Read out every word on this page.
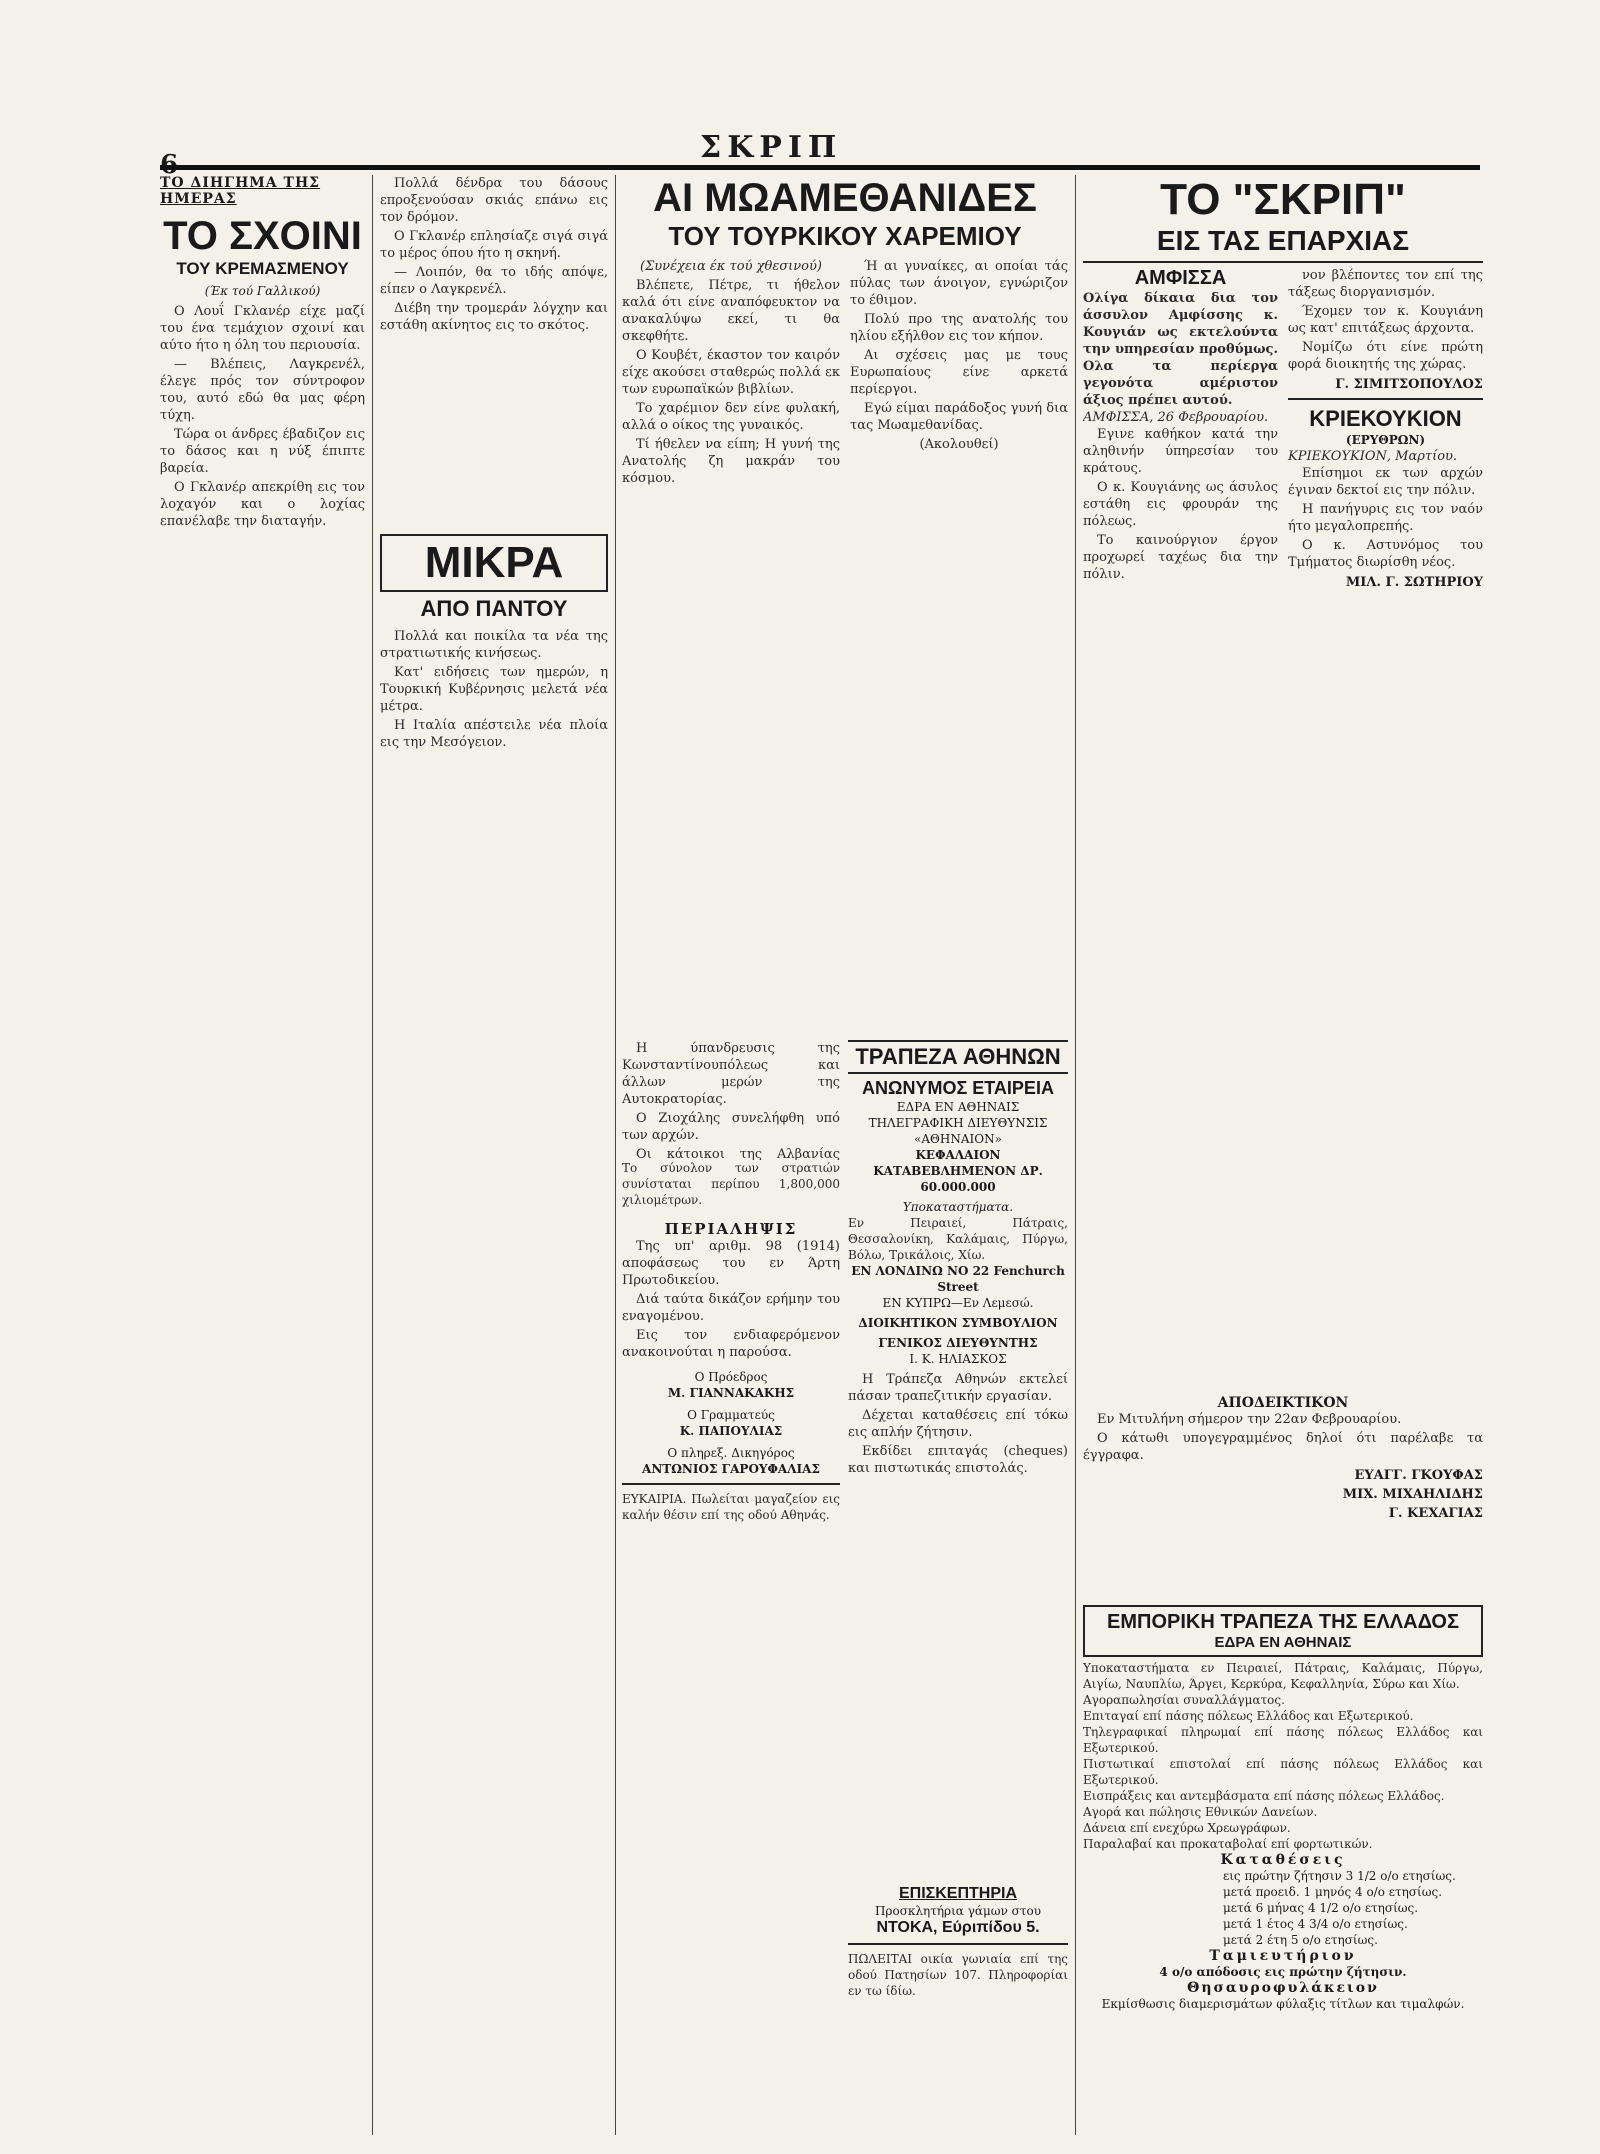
ΣΚΡΙΠ
ΤΟ ΔΙΗΓΗΜΑ ΤΗΣ ΗΜΕΡΑΣ
ΤΟ ΣΧΟΙΝΙ
ΤΟΥ ΚΡΕΜΑΣΜΕΝΟΥ
(Έκ τού Γαλλικού)

Ο Λουΐ Γκλανέρ είχε μαζί του ένα τεμάχιον σχοινί και αύτο ήτο η όλη του περιουσία.

— Βλέπεις, Λαγκρενέλ, έλεγε πρός τον σύντροφον του, αυτό εδώ θα μας φέρη τύχη.

Τώρα οι άνδρες έβαδιζον εις το δάσος και η νύξ έπιπτε βαρεία.

Ο Γκλανέρ απεκρίθη εις τον λοχαγόν και ο λοχίας επανέλαβε την διαταγήν.

Πολλά δένδρα του δάσους επροξενούσαν σκιάς επάνω εις τον δρόμον.

Ο Γκλανέρ επλησίαζε σιγά σιγά το μέρος όπου ήτο η σκηνή.

— Λοιπόν, θα το ιδής απόψε, είπεν ο Λαγκρενέλ.

Διέβη την τρομεράν λόγχην και εστάθη ακίνητος εις το σκότος.

ΜΙΚΡΑ
ΑΠΟ ΠΑΝΤΟΥ

Πολλά και ποικίλα τα νέα της στρατιωτικής κινήσεως.

Κατ' ειδήσεις των ημερών, η Τουρκική Κυβέρνησις μελετά νέα μέτρα.

Η Ιταλία απέστειλε νέα πλοία εις την Μεσόγειον.

ΑΙ ΜΩΑΜΕΘΑΝΙΔΕΣ
ΤΟΥ ΤΟΥΡΚΙΚΟΥ ΧΑΡΕΜΙΟΥ

(Συνέχεια έκ τού χθεσινού)

Βλέπετε, Πέτρε, τι ήθελον καλά ότι είνε αναπόφευκτον να ανακαλύψω εκεί, τι θα σκεφθήτε.

Ο Κουβέτ, έκαστον τον καιρόν είχε ακούσει σταθερώς πολλά εκ των ευρωπαϊκών βιβλίων.

Το χαρέμιον δεν είνε φυλακή, αλλά ο οίκος της γυναικός.

Τί ήθελεν να είπη; Η γυνή της Ανατολής ζη μακράν του κόσμου.

Ή αι γυναίκες, αι οποίαι τάς πύλας των άνοιγον, εγνώριζον το έθιμον.

Πολύ προ της ανατολής του ηλίου εξήλθον εις τον κήπον.

Αι σχέσεις μας με τους Ευρωπαίους είνε αρκετά περίεργοι.

Εγώ είμαι παράδοξος γυνή δια τας Μωαμεθανίδας.

(Ακολουθεί)

Η ύπανδρευσις της Κωνσταντίνουπόλεως και άλλων μερών της Αυτοκρατορίας.

Ο Ζιοχάλης συνελήφθη υπό των αρχών.

Οι κάτοικοι της Αλβανίας

Το σύνολον των στρατιών συνίσταται περίπου 1,800,000 χιλιομέτρων.
ΠΕΡΙΑΛΗΨΙΣ

Της υπ' αριθμ. 98 (1914) αποφάσεως του εν Άρτη Πρωτοδικείου.

Διά ταύτα δικάζον ερήμην του εναγομένου.

Εις τον ενδιαφερόμενον ανακοινούται η παρούσα.

Ο Πρόεδρος
Μ. ΓΙΑΝΝΑΚΑΚΗΣ
Ο Γραμματεύς
Κ. ΠΑΠΟΥΛΙΑΣ
Ο πληρεξ. Δικηγόρος
ΑΝΤΩΝΙΟΣ ΓΑΡΟΥΦΑΛΙΑΣ
ΕΥΚΑΙΡΙΑ. Πωλείται μαγαζείον εις καλήν θέσιν επί της οδού Αθηνάς.
ΤΡΑΠΕΖΑ ΑΘΗΝΩΝ
ΑΝΩΝΥΜΟΣ ΕΤΑΙΡΕΙΑ
ΕΔΡΑ ΕΝ ΑΘΗΝΑΙΣ
ΤΗΛΕΓΡΑΦΙΚΗ ΔΙΕΥΘΥΝΣΙΣ «ΑΘΗΝΑΙΟΝ»
ΚΕΦΑΛΑΙΟΝ ΚΑΤΑΒΕΒΛΗΜΕΝΟΝ ΔΡ.
60.000.000
Υποκαταστήματα.
Εν Πειραιεί, Πάτραις, Θεσσαλονίκη, Καλάμαις, Πύργω, Βόλω, Τρικάλοις, Χίω.
ΕΝ ΛΟΝΔΙΝΩ ΝΟ 22 Fenchurch Street
ΕΝ ΚΥΠΡΩ—Εν Λεμεσώ.
ΔΙΟΙΚΗΤΙΚΟΝ ΣΥΜΒΟΥΛΙΟΝ
ΓΕΝΙΚΟΣ ΔΙΕΥΘΥΝΤΗΣ
Ι. Κ. ΗΛΙΑΣΚΟΣ

Η Τράπεζα Αθηνών εκτελεί πάσαν τραπεζιτικήν εργασίαν.

Δέχεται καταθέσεις επί τόκω εις απλήν ζήτησιν.

Εκδίδει επιταγάς (cheques) και πιστωτικάς επιστολάς.

ΕΠΙΣΚΕΠΤΗΡΙΑ
Προσκλητήρια γάμων στου
ΝΤΟΚΑ, Εύριπίδου 5.
ΠΩΛΕΙΤΑΙ οικία γωνιαία επί της οδού Πατησίων 107. Πληροφορίαι εν τω ίδίω.
ΤΟ "ΣΚΡΙΠ"
ΕΙΣ ΤΑΣ ΕΠΑΡΧΙΑΣ
ΑΜΦΙΣΣΑ
Ολίγα δίκαια δια τον άσσυλον Αμφίσσης κ. Κουγιάν ως εκτελούντα την υπηρεσίαν προθύμως. Ολα τα περίεργα γεγονότα αμέριστον άξιος πρέπει αυτού.
ΑΜΦΙΣΣΑ, 26 Φεβρουαρίου.

Εγινε καθήκον κατά την αληθινήν ύπηρεσίαν του κράτους.

Ο κ. Κουγιάνης ως άσυλος εστάθη εις φρουράν της πόλεως.

Το καινούργιον έργον προχωρεί ταχέως δια την πόλιν.

νον βλέποντες τον επί της τάξεως διοργανισμόν.

Έχομεν τον κ. Κουγιάνη ως κατ' επιτάξεως άρχοντα.

Νομίζω ότι είνε πρώτη φορά διοικητής της χώρας.

Γ. ΣΙΜΙΤΣΟΠΟΥΛΟΣ
ΚΡΙΕΚΟΥΚΙΟΝ
(ΕΡΥΘΡΩΝ)
ΚΡΙΕΚΟΥΚΙΟΝ, Μαρτίου.

Επίσημοι εκ των αρχών έγιναν δεκτοί εις την πόλιν.

Η πανήγυρις εις τον ναόν ήτο μεγαλοπρεπής.

Ο κ. Αστυνόμος του Τμήματος διωρίσθη νέος.

ΜΙΛ. Γ. ΣΩΤΗΡΙΟΥ
ΑΠΟΔΕΙΚΤΙΚΟΝ

Εν Μιτυλήνη σήμερον την 22αν Φεβρουαρίου.

Ο κάτωθι υπογεγραμμένος δηλοί ότι παρέλαβε τα έγγραφα.

ΕΥΑΓΓ. ΓΚΟΥΦΑΣ
ΜΙΧ. ΜΙΧΑΗΛΙΔΗΣ
Γ. ΚΕΧΑΓΙΑΣ
ΕΜΠΟΡΙΚΗ ΤΡΑΠΕΖΑ ΤΗΣ ΕΛΛΑΔΟΣ
ΕΔΡΑ ΕΝ ΑΘΗΝΑΙΣ
Υποκαταστήματα εν Πειραιεί, Πάτραις, Καλάμαις, Πύργω, Αιγίω, Ναυπλίω, Άργει, Κερκύρα, Κεφαλληνία, Σύρω και Χίω.
Αγοραπωλησίαι συναλλάγματος.
Επιταγαί επί πάσης πόλεως Ελλάδος και Εξωτερικού.
Τηλεγραφικαί πληρωμαί επί πάσης πόλεως Ελλάδος και Εξωτερικού.
Πιστωτικαί επιστολαί επί πάσης πόλεως Ελλάδος και Εξωτερικού.
Εισπράξεις και αντεμβάσματα επί πάσης πόλεως Ελλάδος.
Αγορά και πώλησις Εθνικών Δανείων.
Δάνεια επί ενεχύρω Χρεωγράφων.
Παραλαβαί και προκαταβολαί επί φορτωτικών.
Καταθέσεις
εις πρώτην ζήτησιν 3 1/2 ο/ο ετησίως.
μετά προειδ. 1 μηνός 4 ο/ο ετησίως.
μετά 6 μήνας 4 1/2 ο/ο ετησίως.
μετά 1 έτος 4 3/4 ο/ο ετησίως.
μετά 2 έτη 5 ο/ο ετησίως.
Ταμιευτήριον
4 ο/ο απόδοσις εις πρώτην ζήτησιν.
Θησαυροφυλάκειον
Εκμίσθωσις διαμερισμάτων φύλαξις τίτλων και τιμαλφών.
